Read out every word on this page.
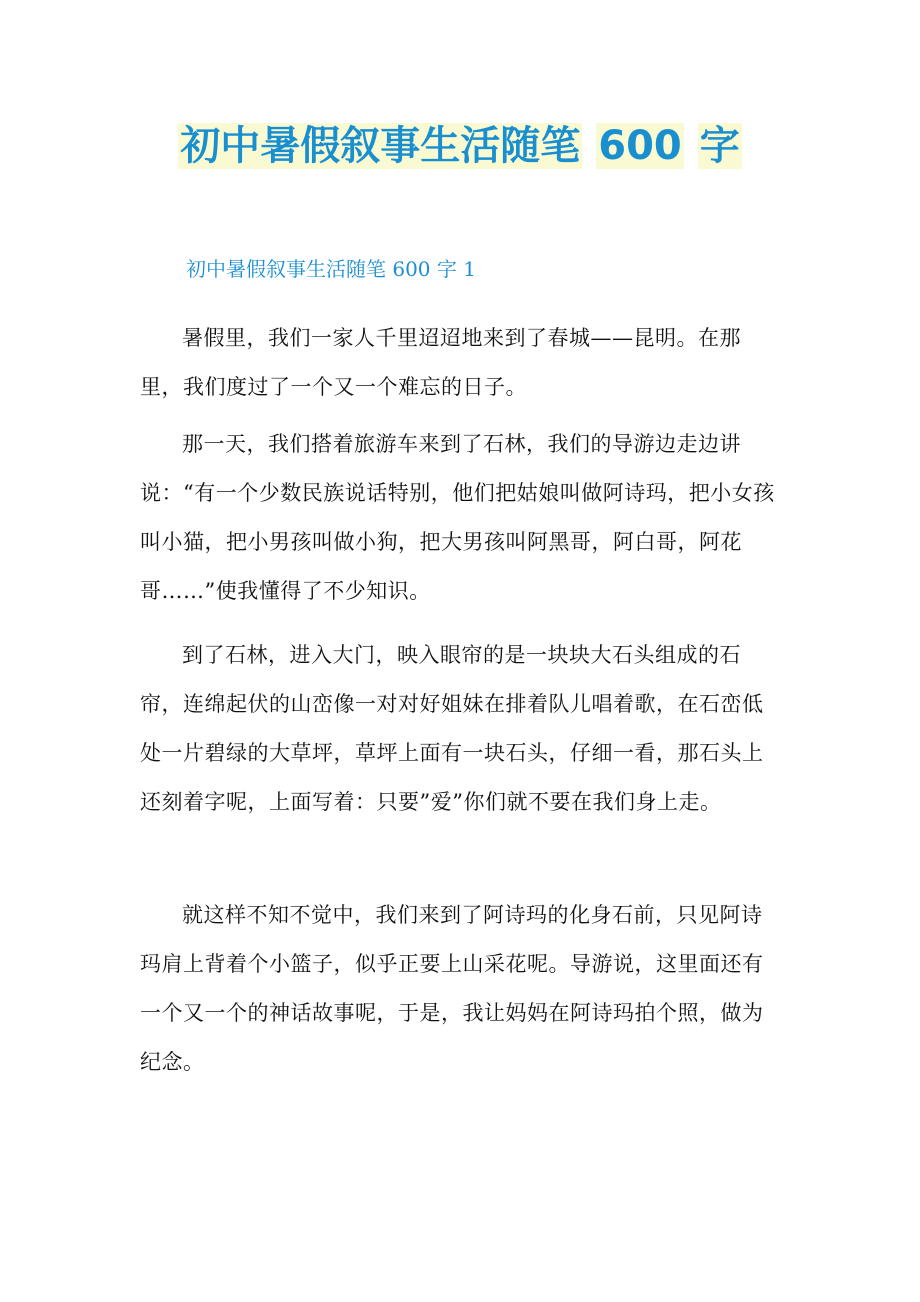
初中暑假叙事生活随笔 600 字
初中暑假叙事生活随笔 600 字 1

暑假里，我们一家人千里迢迢地来到了春城——昆明。在那里，我们度过了一个又一个难忘的日子。

那一天，我们搭着旅游车来到了石林，我们的导游边走边讲说：“有一个少数民族说话特别，他们把姑娘叫做阿诗玛，把小女孩叫小猫，把小男孩叫做小狗，把大男孩叫阿黑哥，阿白哥，阿花哥……”使我懂得了不少知识。

到了石林，进入大门，映入眼帘的是一块块大石头组成的石帘，连绵起伏的山峦像一对对好姐妹在排着队儿唱着歌，在石峦低处一片碧绿的大草坪，草坪上面有一块石头，仔细一看，那石头上还刻着字呢，上面写着：只要”爱”你们就不要在我们身上走。

就这样不知不觉中，我们来到了阿诗玛的化身石前，只见阿诗玛肩上背着个小篮子，似乎正要上山采花呢。导游说，这里面还有一个又一个的神话故事呢，于是，我让妈妈在阿诗玛拍个照，做为纪念。
